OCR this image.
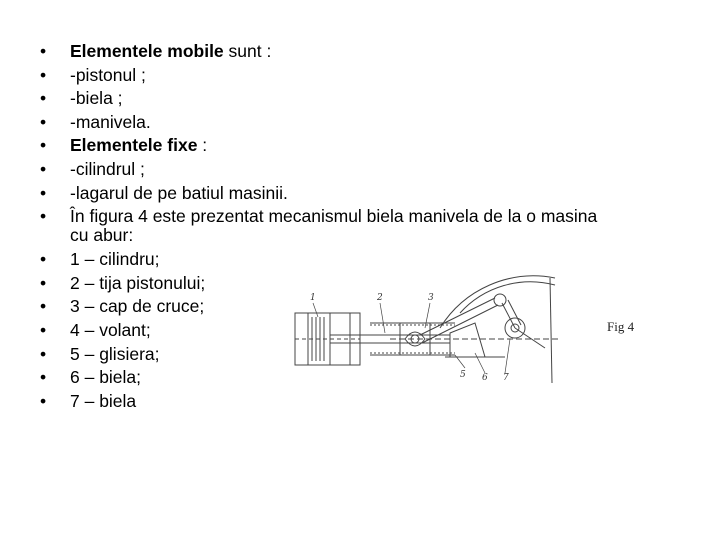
• Elementele mobile sunt :
• -pistonul ;
• -biela ;
• -manivela.
• Elementele fixe :
• -cilindrul ;
• -lagarul de pe batiul masinii.
• În figura 4 este prezentat mecanismul biela manivela de la o masina
cu abur:
• 1 – cilindru;
• 2 – tija pistonului;
• 3 – cap de cruce;
• 4 – volant;
• 5 – glisiera;
• 6 – biela;
• 7 – biela
1	2	3
5 6 7
Fig 4
